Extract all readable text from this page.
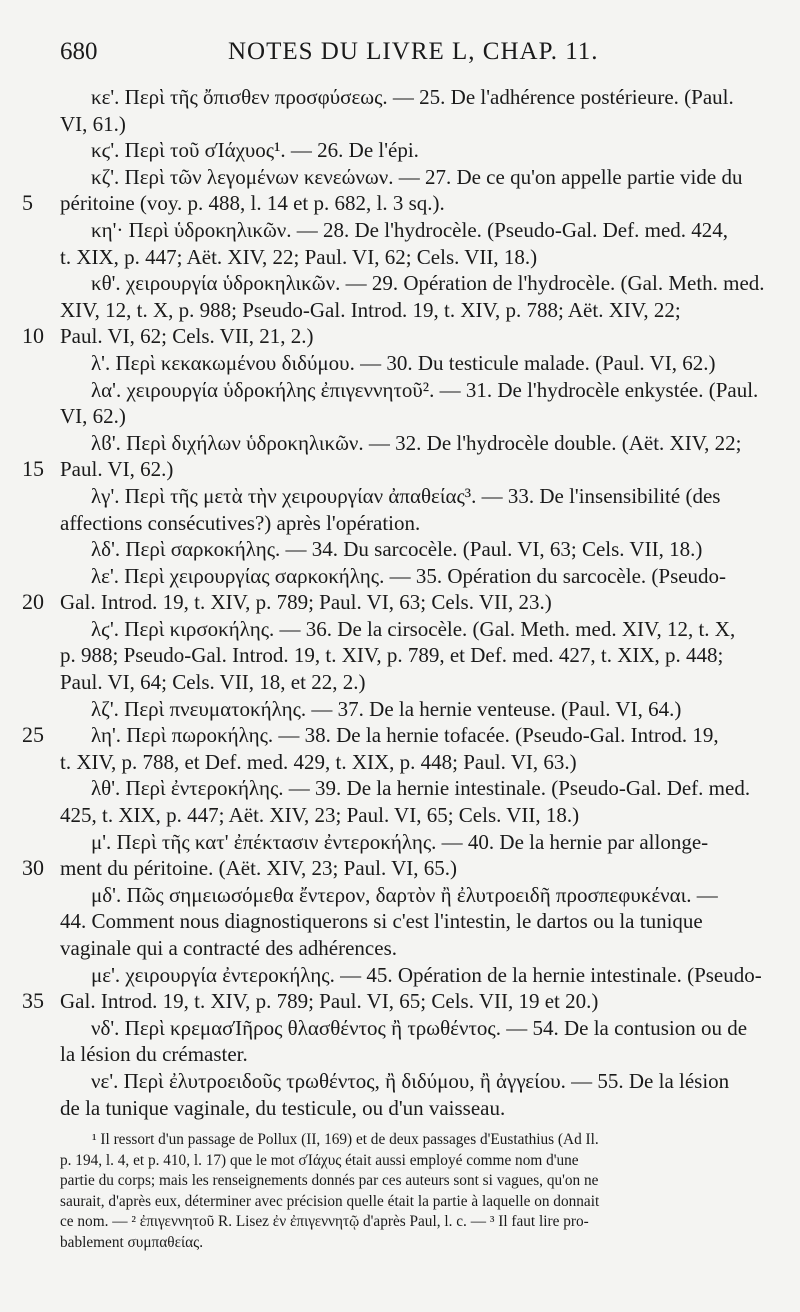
680	NOTES DU LIVRE L, CHAP. 11.
κε'. Περὶ τῆς ὄπισθεν προσφύσεως. — 25. De l'adhérence postérieure. (Paul.
VI, 61.)
κϛ'. Περὶ τοῦ σΊάχυος¹. — 26. De l'épi.
κζ'. Περὶ τῶν λεγομένων κενεώνων. — 27. De ce qu'on appelle partie vide du
péritoine (voy. p. 488, l. 14 et p. 682, l. 3 sq.).
κη'· Περὶ ὑδροκηλικῶν. — 28. De l'hydrocèle. (Pseudo-Gal. Def. med. 424,
t. XIX, p. 447; Aët. XIV, 22; Paul. VI, 62; Cels. VII, 18.)
κθ'. χειρουργία ὑδροκηλικῶν. — 29. Opération de l'hydrocèle. (Gal. Meth. med.
XIV, 12, t. X, p. 988; Pseudo-Gal. Introd. 19, t. XIV, p. 788; Aët. XIV, 22;
Paul. VI, 62; Cels. VII, 21, 2.)
λ'. Περὶ κεκακωμένου διδύμου. — 30. Du testicule malade. (Paul. VI, 62.)
λα'. χειρουργία ὑδροκήλης ἐπιγεννητοῦ². — 31. De l'hydrocèle enkystée. (Paul.
VI, 62.)
λϐ'. Περὶ διχήλων ὑδροκηλικῶν. — 32. De l'hydrocèle double. (Aët. XIV, 22;
Paul. VI, 62.)
λγ'. Περὶ τῆς μετὰ τὴν χειρουργίαν ἀπαθείας³. — 33. De l'insensibilité (des
affections consécutives?) après l'opération.
λδ'. Περὶ σαρκοκήλης. — 34. Du sarcocèle. (Paul. VI, 63; Cels. VII, 18.)
λε'. Περὶ χειρουργίας σαρκοκήλης. — 35. Opération du sarcocèle. (Pseudo-
Gal. Introd. 19, t. XIV, p. 789; Paul. VI, 63; Cels. VII, 23.)
λϛ'. Περὶ κιρσοκήλης. — 36. De la cirsocèle. (Gal. Meth. med. XIV, 12, t. X,
p. 988; Pseudo-Gal. Introd. 19, t. XIV, p. 789, et Def. med. 427, t. XIX, p. 448;
Paul. VI, 64; Cels. VII, 18, et 22, 2.)
λζ'. Περὶ πνευματοκήλης. — 37. De la hernie venteuse. (Paul. VI, 64.)
λη'. Περὶ πωροκήλης. — 38. De la hernie tofacée. (Pseudo-Gal. Introd. 19,
t. XIV, p. 788, et Def. med. 429, t. XIX, p. 448; Paul. VI, 63.)
λθ'. Περὶ ἐντεροκήλης. — 39. De la hernie intestinale. (Pseudo-Gal. Def. med.
425, t. XIX, p. 447; Aët. XIV, 23; Paul. VI, 65; Cels. VII, 18.)
μ'. Περὶ τῆς κατ' ἐπέκτασιν ἐντεροκήλης. — 40. De la hernie par allonge-
ment du péritoine. (Aët. XIV, 23; Paul. VI, 65.)
μδ'. Πῶς σημειωσόμεθα ἔντερον, δαρτὸν ἢ ἐλυτροειδῆ προσπεφυκέναι. —
44. Comment nous diagnostiquerons si c'est l'intestin, le dartos ou la tunique
vaginale qui a contracté des adhérences.
με'. χειρουργία ἐντεροκήλης. — 45. Opération de la hernie intestinale. (Pseudo-
Gal. Introd. 19, t. XIV, p. 789; Paul. VI, 65; Cels. VII, 19 et 20.)
νδ'. Περὶ κρεμασΊῆρος θλασθέντος ἢ τρωθέντος. — 54. De la contusion ou de
la lésion du crémaster.
νε'. Περὶ ἐλυτροειδοῦς τρωθέντος, ἢ διδύμου, ἢ ἀγγείου. — 55. De la lésion
de la tunique vaginale, du testicule, ou d'un vaisseau.
¹ Il ressort d'un passage de Pollux (II, 169) et de deux passages d'Eustathius (Ad Il.
p. 194, l. 4, et p. 410, l. 17) que le mot σΊάχυς était aussi employé comme nom d'une
partie du corps; mais les renseignements donnés par ces auteurs sont si vagues, qu'on ne
saurait, d'après eux, déterminer avec précision quelle était la partie à laquelle on donnait
ce nom. — ² ἐπιγεννητοῦ R. Lisez ἐν ἐπιγεννητῷ d'après Paul, l. c. — ³ Il faut lire pro-
bablement συμπαθείας.
5
10
15
20
25
30
35
